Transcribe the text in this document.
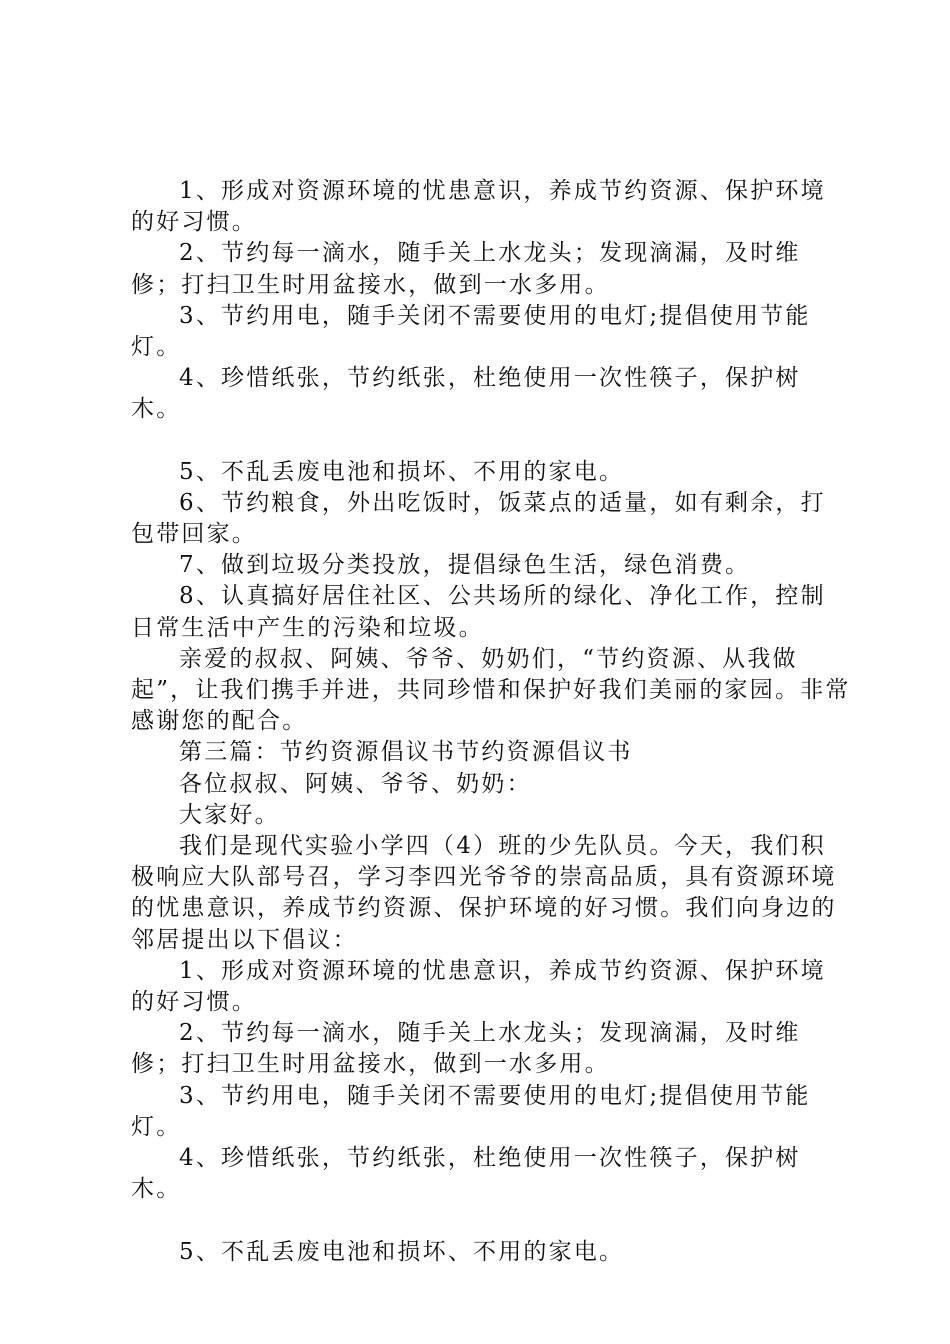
1、形成对资源环境的忧患意识，养成节约资源、保护环境的好习惯。

2、节约每一滴水，随手关上水龙头；发现滴漏，及时维修；打扫卫生时用盆接水，做到一水多用。

3、节约用电，随手关闭不需要使用的电灯;提倡使用节能灯。

4、珍惜纸张，节约纸张，杜绝使用一次性筷子，保护树木。

5、不乱丢废电池和损坏、不用的家电。

6、节约粮食，外出吃饭时，饭菜点的适量，如有剩余，打包带回家。

7、做到垃圾分类投放，提倡绿色生活，绿色消费。

8、认真搞好居住社区、公共场所的绿化、净化工作，控制日常生活中产生的污染和垃圾。

亲爱的叔叔、阿姨、爷爷、奶奶们，“节约资源、从我做起”，让我们携手并进，共同珍惜和保护好我们美丽的家园。非常感谢您的配合。

第三篇：节约资源倡议书节约资源倡议书

各位叔叔、阿姨、爷爷、奶奶：

大家好。

我们是现代实验小学四（4）班的少先队员。今天，我们积极响应大队部号召，学习李四光爷爷的崇高品质，具有资源环境的忧患意识，养成节约资源、保护环境的好习惯。我们向身边的邻居提出以下倡议：

1、形成对资源环境的忧患意识，养成节约资源、保护环境的好习惯。

2、节约每一滴水，随手关上水龙头；发现滴漏，及时维修；打扫卫生时用盆接水，做到一水多用。

3、节约用电，随手关闭不需要使用的电灯;提倡使用节能灯。

4、珍惜纸张，节约纸张，杜绝使用一次性筷子，保护树木。

5、不乱丢废电池和损坏、不用的家电。
